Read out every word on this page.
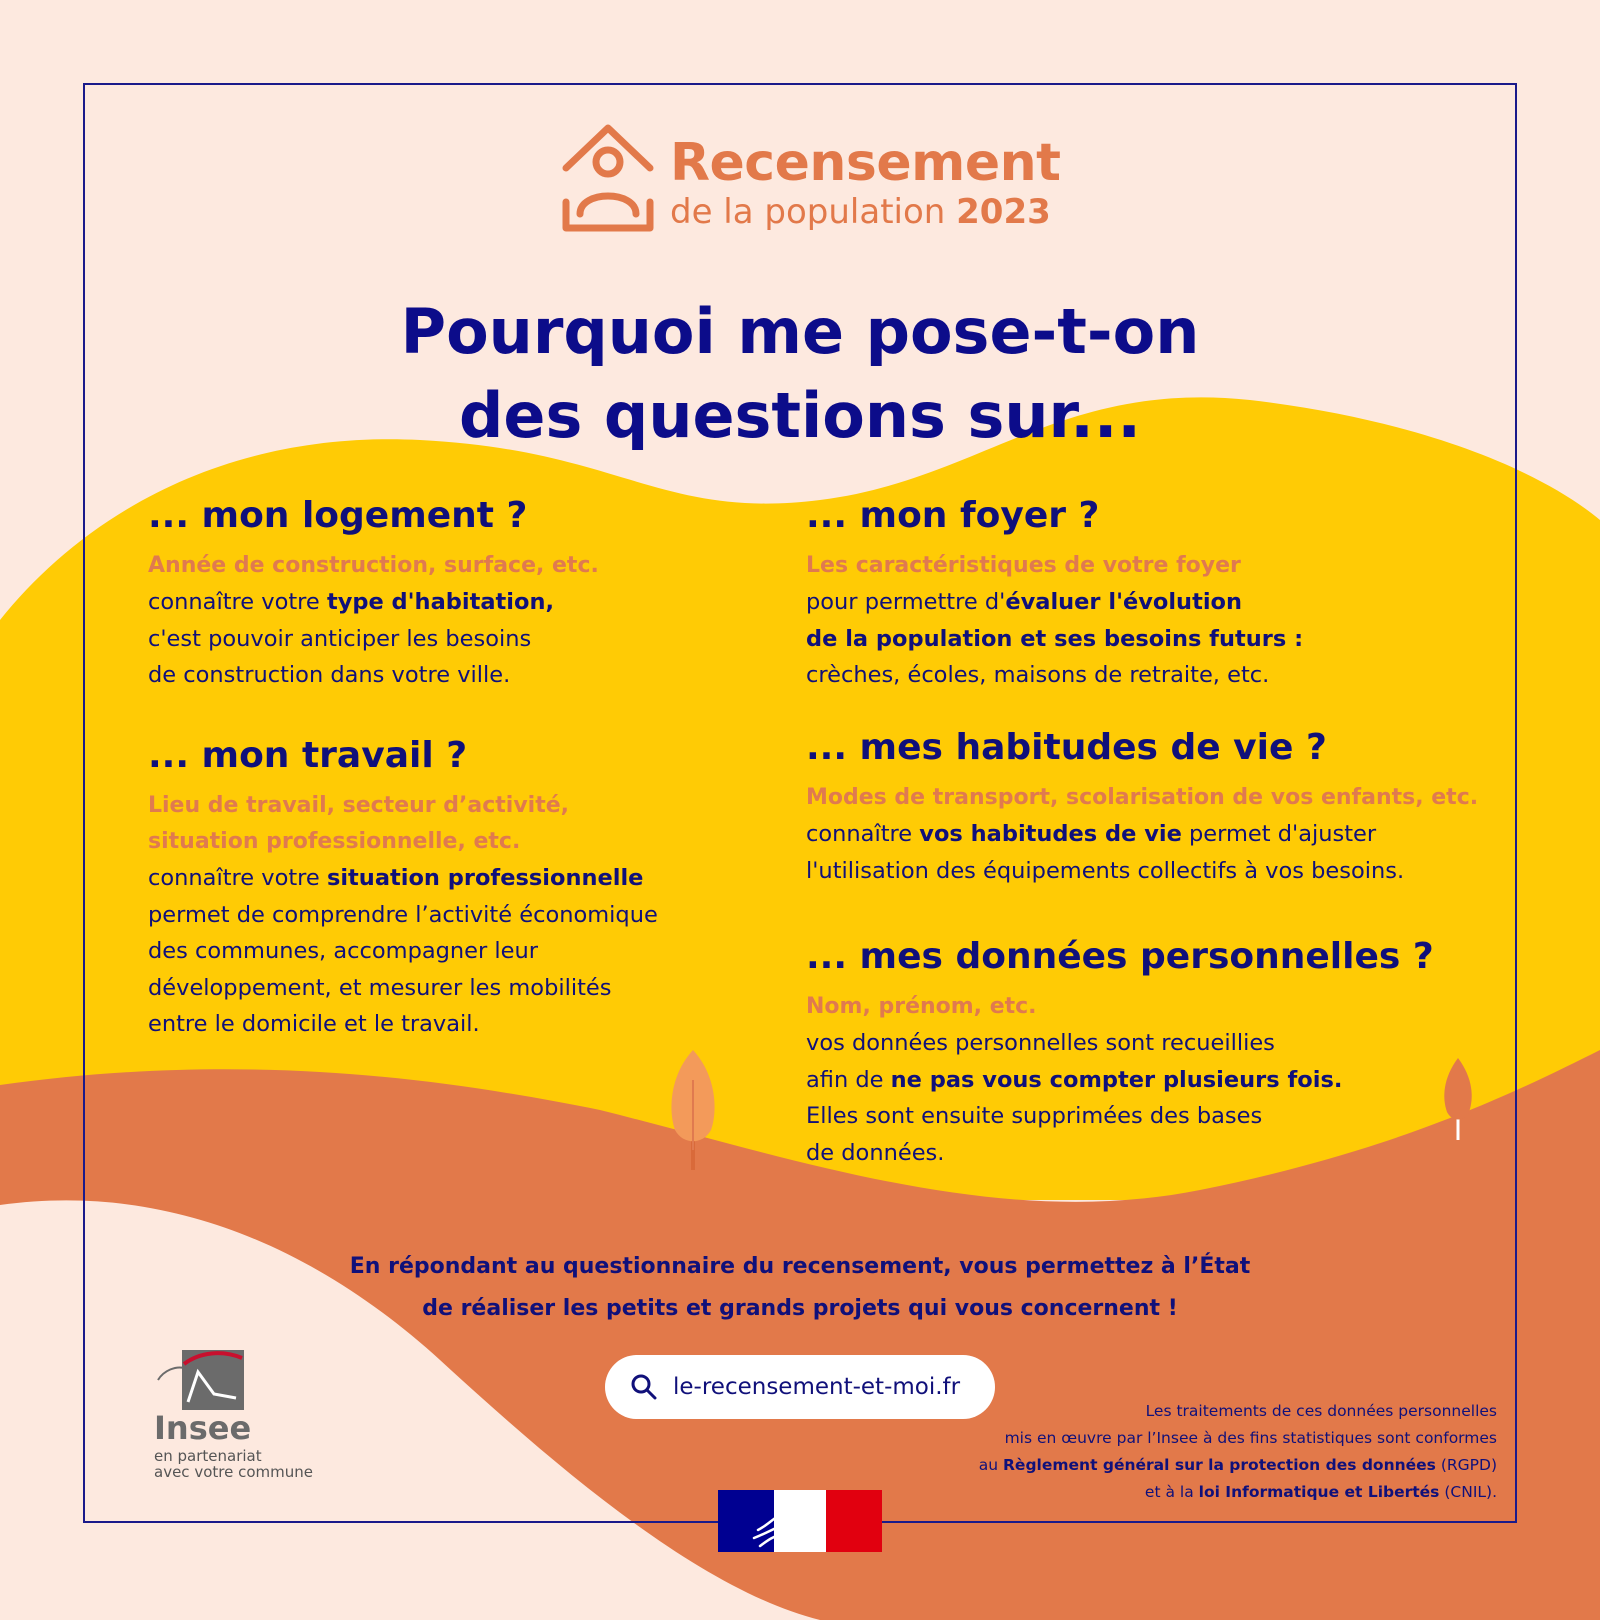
Recensement
de la population 2023
Pourquoi me pose-t-on
des questions sur...
... mon logement ?
Année de construction, surface, etc.
connaître votre type d'habitation,
c'est pouvoir anticiper les besoins
de construction dans votre ville.
... mon travail ?
Lieu de travail, secteur d’activité,
situation professionnelle, etc.
connaître votre situation professionnelle
permet de comprendre l’activité économique
des communes, accompagner leur
développement, et mesurer les mobilités
entre le domicile et le travail.
... mon foyer ?
Les caractéristiques de votre foyer
pour permettre d'évaluer l'évolution
de la population et ses besoins futurs :
crèches, écoles, maisons de retraite, etc.
... mes habitudes de vie ?
Modes de transport, scolarisation de vos enfants, etc.
connaître vos habitudes de vie permet d'ajuster
l'utilisation des équipements collectifs à vos besoins.
... mes données personnelles ?
Nom, prénom, etc.
vos données personnelles sont recueillies
afin de ne pas vous compter plusieurs fois.
Elles sont ensuite supprimées des bases
de données.
En répondant au questionnaire du recensement, vous permettez à l’État
de réaliser les petits et grands projets qui vous concernent !
le-recensement-et-moi.fr
Insee
en partenariat
avec votre commune
Les traitements de ces données personnelles
mis en œuvre par l’Insee à des fins statistiques sont conformes
au Règlement général sur la protection des données (RGPD)
et à la loi Informatique et Libertés (CNIL).
